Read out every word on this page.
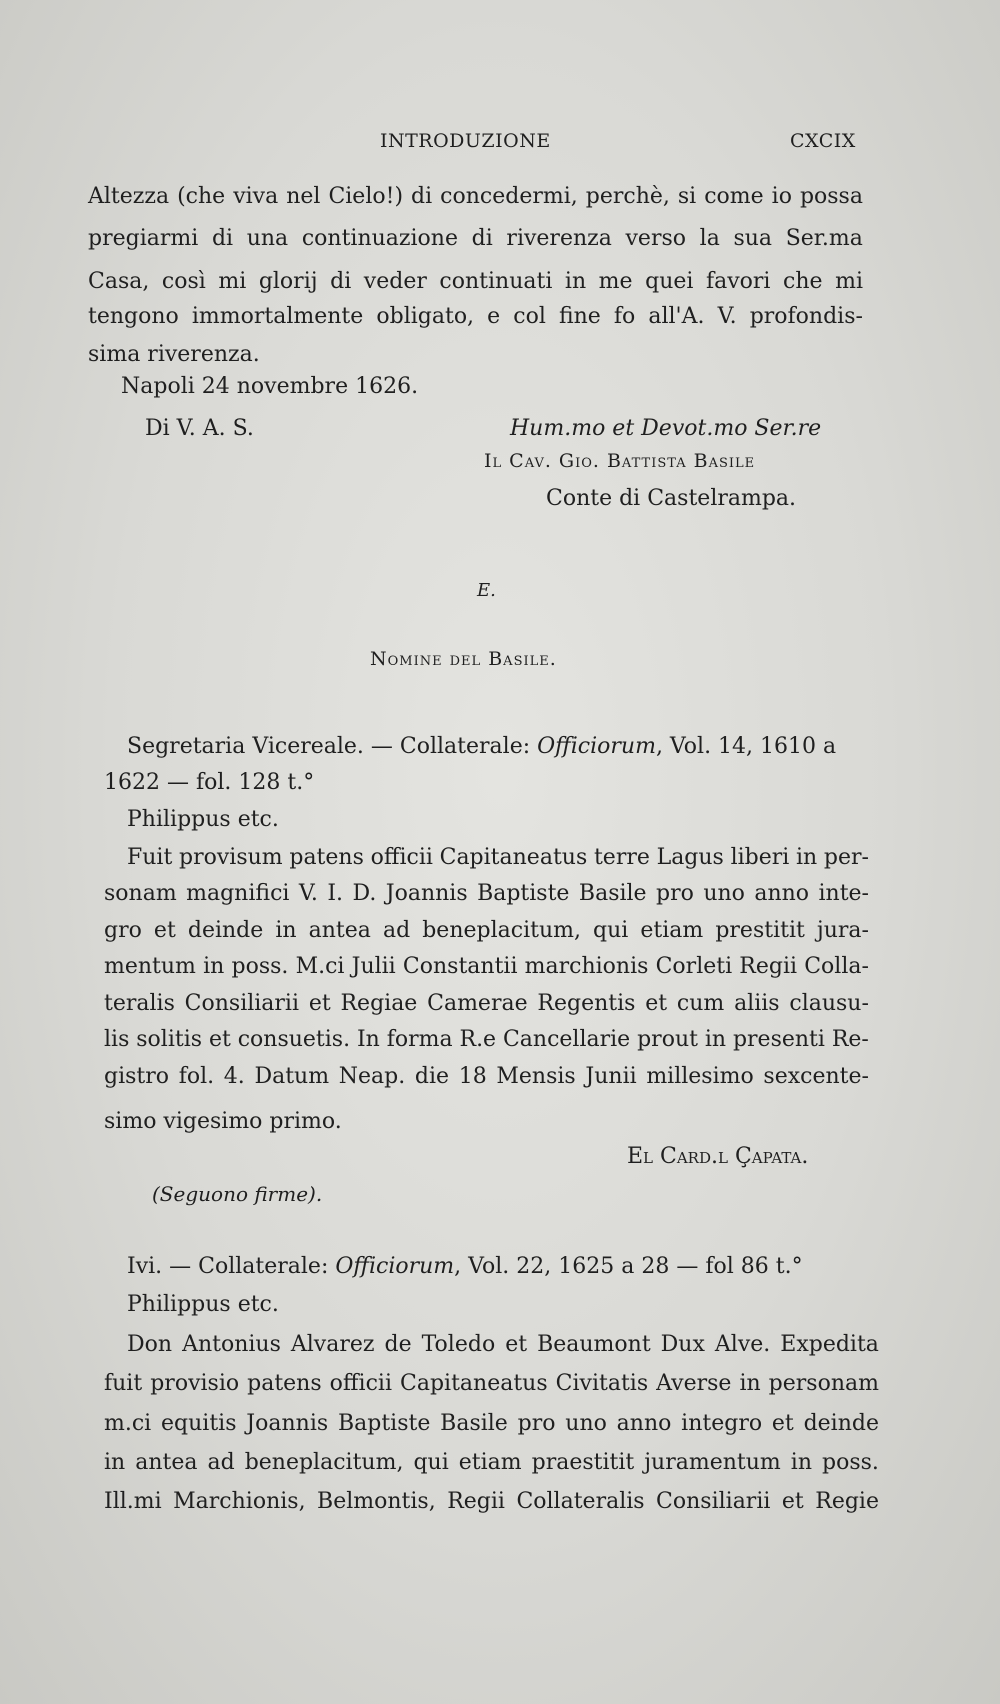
INTRODUZIONE	CXCIX
Altezza (che viva nel Cielo!) di concedermi, perchè, si come io possa
pregiarmi di una continuazione di riverenza verso la sua Ser.ma
Casa, così mi glorij di veder continuati in me quei favori che mi
tengono immortalmente obligato, e col fine fo all'A. V. profondis-
sima riverenza.
Napoli 24 novembre 1626.
Di V. A. S.	Hum.mo et Devot.mo Ser.re
Il Cav. Gio. Battista Basile
Conte di Castelrampa.
E.
Nomine del Basile.
Segretaria Vicereale. — Collaterale: Officiorum, Vol. 14, 1610 a
1622 — fol. 128 t.°
Philippus etc.
Fuit provisum patens officii Capitaneatus terre Lagus liberi in per-
sonam magnifici V. I. D. Joannis Baptiste Basile pro uno anno inte-
gro et deinde in antea ad beneplacitum, qui etiam prestitit jura-
mentum in poss. M.ci Julii Constantii marchionis Corleti Regii Colla-
teralis Consiliarii et Regiae Camerae Regentis et cum aliis clausu-
lis solitis et consuetis. In forma R.e Cancellarie prout in presenti Re-
gistro fol. 4. Datum Neap. die 18 Mensis Junii millesimo sexcente-
simo vigesimo primo.
El Card.l Çapata.
(Seguono firme).
Ivi. — Collaterale: Officiorum, Vol. 22, 1625 a 28 — fol 86 t.°
Philippus etc.
Don Antonius Alvarez de Toledo et Beaumont Dux Alve. Expedita
fuit provisio patens officii Capitaneatus Civitatis Averse in personam
m.ci equitis Joannis Baptiste Basile pro uno anno integro et deinde
in antea ad beneplacitum, qui etiam praestitit juramentum in poss.
Ill.mi Marchionis, Belmontis, Regii Collateralis Consiliarii et Regie
